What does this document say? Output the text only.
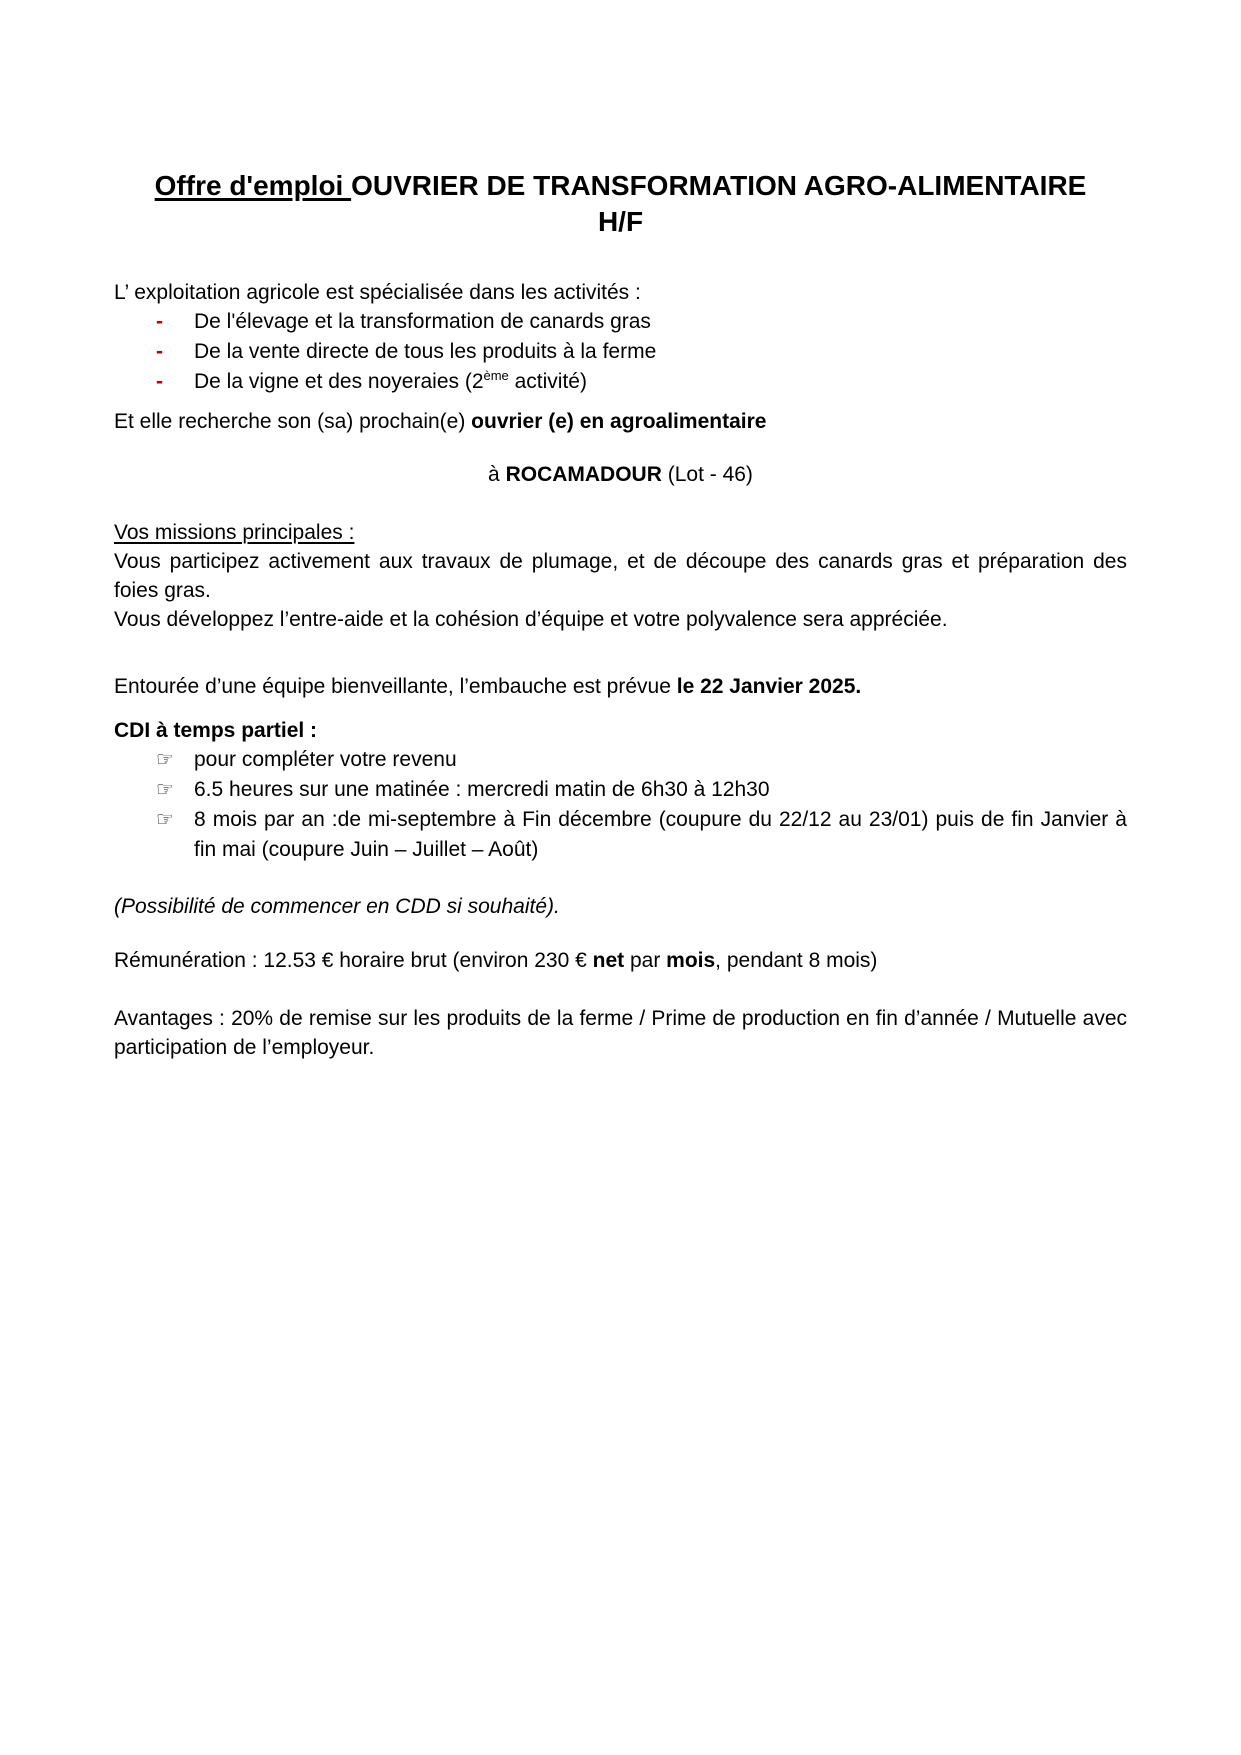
Offre d'emploi OUVRIER DE TRANSFORMATION AGRO-ALIMENTAIRE H/F

L’ exploitation agricole est spécialisée dans les activités :

-	De l'élevage et la transformation de canards gras
-	De la vente directe de tous les produits à la ferme
-	De la vigne et des noyeraies (2ème activité)

Et elle recherche son (sa) prochain(e) ouvrier (e) en agroalimentaire

à ROCAMADOUR (Lot - 46)

Vos missions principales :

Vous participez activement aux travaux de plumage, et de découpe des canards gras et préparation des foies gras.

Vous développez l’entre-aide et la cohésion d’équipe et votre polyvalence sera appréciée.

Entourée d’une équipe bienveillante, l’embauche est prévue le 22 Janvier 2025.

CDI à temps partiel :

☞ pour compléter votre revenu
☞ 6.5 heures sur une matinée : mercredi matin de 6h30 à 12h30
☞ 8 mois par an :de mi-septembre à Fin décembre (coupure du 22/12 au 23/01) puis de fin Janvier à fin mai (coupure Juin – Juillet – Août)

(Possibilité de commencer en CDD si souhaité).

Rémunération : 12.53 € horaire brut (environ 230 € net par mois, pendant 8 mois)

Avantages : 20% de remise sur les produits de la ferme / Prime de production en fin d’année / Mutuelle avec participation de l’employeur.
